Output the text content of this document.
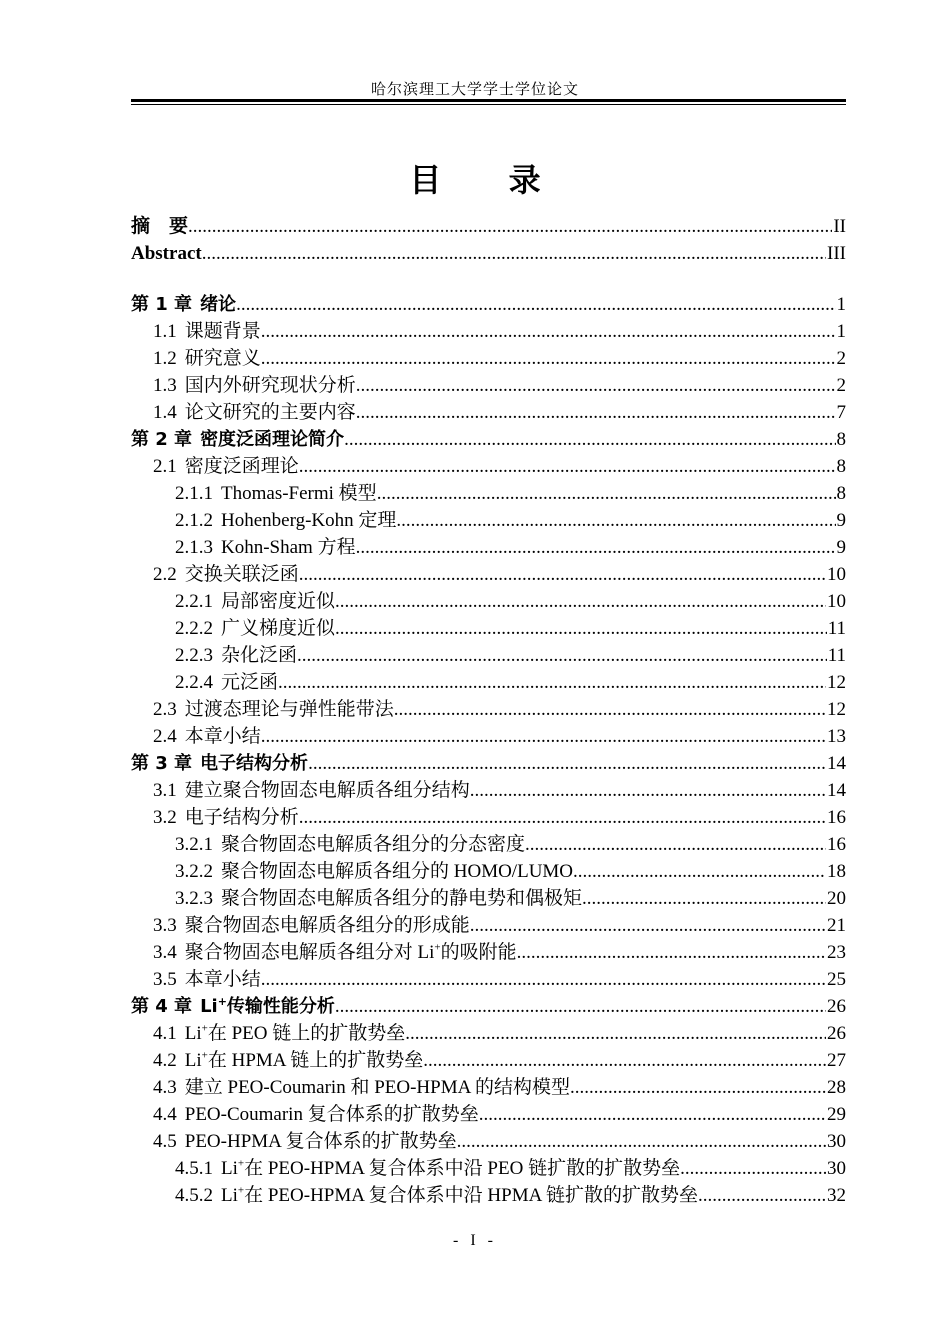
哈尔滨理工大学学士学位论文
目 录
摘　要 .....	II
Abstract .....	III
第 1 章 绪论 .....	1
1.1 课题背景 .....	1
1.2 研究意义 .....	2
1.3 国内外研究现状分析 .....	2
1.4 论文研究的主要内容 .....	7
第 2 章 密度泛函理论简介 .....	8
2.1 密度泛函理论 .....	8
2.1.1 Thomas-Fermi 模型 .....	8
2.1.2 Hohenberg-Kohn 定理 .....	9
2.1.3 Kohn-Sham 方程 .....	9
2.2 交换关联泛函 .....	10
2.2.1 局部密度近似 .....	10
2.2.2 广义梯度近似 .....	11
2.2.3 杂化泛函 .....	11
2.2.4 元泛函 .....	12
2.3 过渡态理论与弹性能带法 .....	12
2.4 本章小结 .....	13
第 3 章 电子结构分析 .....	14
3.1 建立聚合物固态电解质各组分结构 .....	14
3.2 电子结构分析 .....	16
3.2.1 聚合物固态电解质各组分的分态密度 .....	16
3.2.2 聚合物固态电解质各组分的 HOMO/LUMO .....	18
3.2.3 聚合物固态电解质各组分的静电势和偶极矩 .....	20
3.3 聚合物固态电解质各组分的形成能 .....	21
3.4 聚合物固态电解质各组分对 Li+的吸附能 .....	23
3.5 本章小结 .....	25
第 4 章 Li+传输性能分析 .....	26
4.1 Li+在 PEO 链上的扩散势垒 .....	26
4.2 Li+在 HPMA 链上的扩散势垒 .....	27
4.3 建立 PEO-Coumarin 和 PEO-HPMA 的结构模型 .....	28
4.4 PEO-Coumarin 复合体系的扩散势垒 .....	29
4.5 PEO-HPMA 复合体系的扩散势垒 .....	30
4.5.1 Li+在 PEO-HPMA 复合体系中沿 PEO 链扩散的扩散势垒 .....	30
4.5.2 Li+在 PEO-HPMA 复合体系中沿 HPMA 链扩散的扩散势垒 .....	32
- I -
